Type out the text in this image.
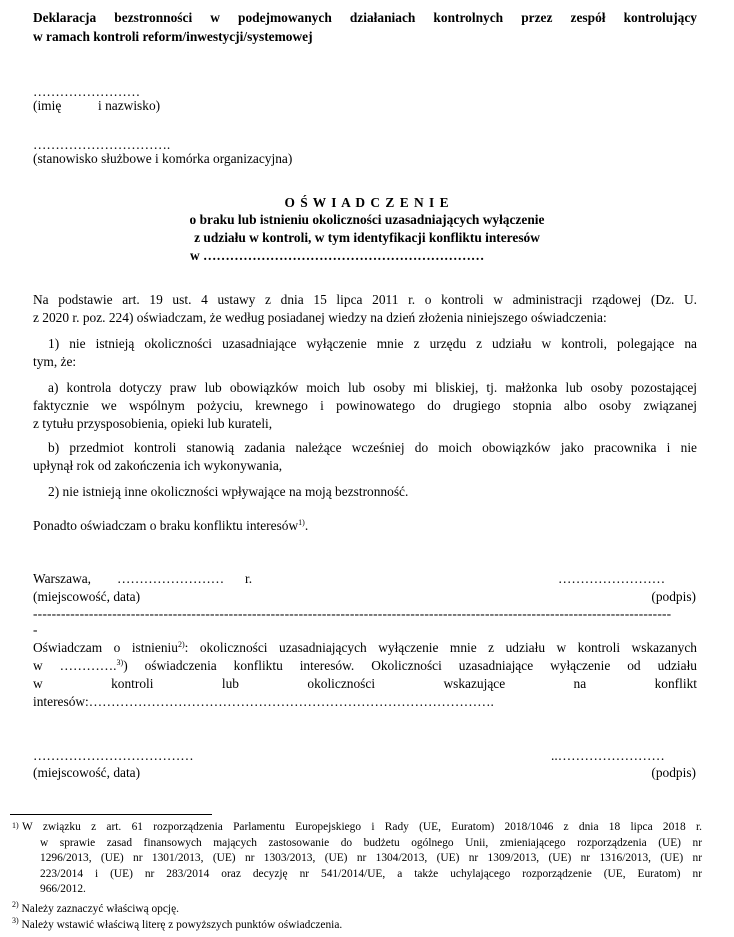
Deklaracja bezstronności w podejmowanych działaniach kontrolnych przez zespół kontrolujący
w ramach kontroli reform/inwestycji/systemowej
……………………
(imię	i nazwisko)
………………………….
(stanowisko służbowe i komórka organizacyjna)
O Ś W I A D C Z E N I E
o braku lub istnieniu okoliczności uzasadniających wyłączenie
z udziału w kontroli, w tym identyfikacji konfliktu interesów
w ………………………………………………………
Na podstawie art. 19 ust. 4 ustawy z dnia 15 lipca 2011 r. o kontroli w administracji rządowej (Dz. U.
z 2020 r. poz. 224) oświadczam, że według posiadanej wiedzy na dzień złożenia niniejszego oświadczenia:
1) nie istnieją okoliczności uzasadniające wyłączenie mnie z urzędu z udziału w kontroli, polegające na
tym, że:
a) kontrola dotyczy praw lub obowiązków moich lub osoby mi bliskiej, tj. małżonka lub osoby pozostającej
faktycznie we wspólnym pożyciu, krewnego i powinowatego do drugiego stopnia albo osoby związanej
z tytułu przysposobienia, opieki lub kurateli,
b) przedmiot kontroli stanowią zadania należące wcześniej do moich obowiązków jako pracownika i nie
upłynął rok od zakończenia ich wykonywania,
2) nie istnieją inne okoliczności wpływające na moją bezstronność.
Ponadto oświadczam o braku konfliktu interesów$^{1)}$.
Warszawa, …………………… r.	……………………
(miejscowość, data)	(podpis)
-----------------------------------------------------------------------------------------------------------------------------------------
-
Oświadczam o istnieniu$^{2)}$: okoliczności uzasadniających wyłączenie mnie z udziału w kontroli wskazanych
w ………….$^{3)}$) oświadczenia konfliktu interesów. Okoliczności uzasadniające wyłączenie od udziału
w kontroli lub okoliczności wskazujące na konflikt
interesów:……………………………………………………………………………….
………………………………	..……………………
(miejscowość, data)	(podpis)
1) W związku z art. 61 rozporządzenia Parlamentu Europejskiego i Rady (UE, Euratom) 2018/1046 z dnia 18 lipca 2018 r.
w sprawie zasad finansowych mających zastosowanie do budżetu ogólnego Unii, zmieniającego rozporządzenia (UE) nr
1296/2013, (UE) nr 1301/2013, (UE) nr 1303/2013, (UE) nr 1304/2013, (UE) nr 1309/2013, (UE) nr 1316/2013, (UE) nr
223/2014 i (UE) nr 283/2014 oraz decyzję nr 541/2014/UE, a także uchylającego rozporządzenie (UE, Euratom) nr
966/2012.
$^{2)}$ Należy zaznaczyć właściwą opcję.
$^{3)}$ Należy wstawić właściwą literę z powyższych punktów oświadczenia.
